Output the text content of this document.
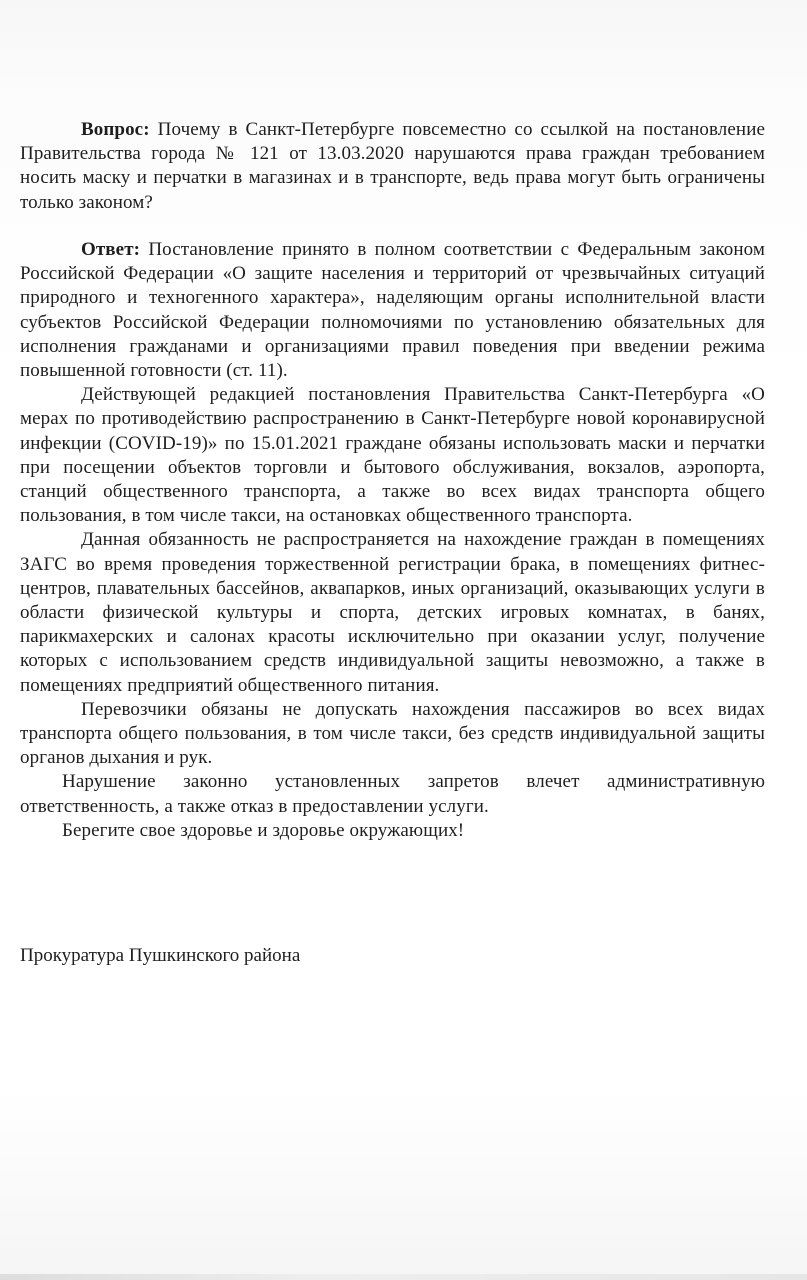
Вопрос: Почему в Санкт-Петербурге повсеместно со ссылкой на постановление Правительства города № 121 от 13.03.2020 нарушаются права граждан требованием носить маску и перчатки в магазинах и в транспорте, ведь права могут быть ограничены только законом?

Ответ: Постановление принято в полном соответствии с Федеральным законом Российской Федерации «О защите населения и территорий от чрезвычайных ситуаций природного и техногенного характера», наделяющим органы исполнительной власти субъектов Российской Федерации полномочиями по установлению обязательных для исполнения гражданами и организациями правил поведения при введении режима повышенной готовности (ст. 11).

Действующей редакцией постановления Правительства Санкт-Петербурга «О мерах по противодействию распространению в Санкт-Петербурге новой коронавирусной инфекции (COVID-19)» по 15.01.2021 граждане обязаны использовать маски и перчатки при посещении объектов торговли и бытового обслуживания, вокзалов, аэропорта, станций общественного транспорта, а также во всех видах транспорта общего пользования, в том числе такси, на остановках общественного транспорта.

Данная обязанность не распространяется на нахождение граждан в помещениях ЗАГС во время проведения торжественной регистрации брака, в помещениях фитнес-центров, плавательных бассейнов, аквапарков, иных организаций, оказывающих услуги в области физической культуры и спорта, детских игровых комнатах, в банях, парикмахерских и салонах красоты исключительно при оказании услуг, получение которых с использованием средств индивидуальной защиты невозможно, а также в помещениях предприятий общественного питания.

Перевозчики обязаны не допускать нахождения пассажиров во всех видах транспорта общего пользования, в том числе такси, без средств индивидуальной защиты органов дыхания и рук.

Нарушение законно установленных запретов влечет административную ответственность, а также отказ в предоставлении услуги.

Берегите свое здоровье и здоровье окружающих!

Прокуратура Пушкинского района
